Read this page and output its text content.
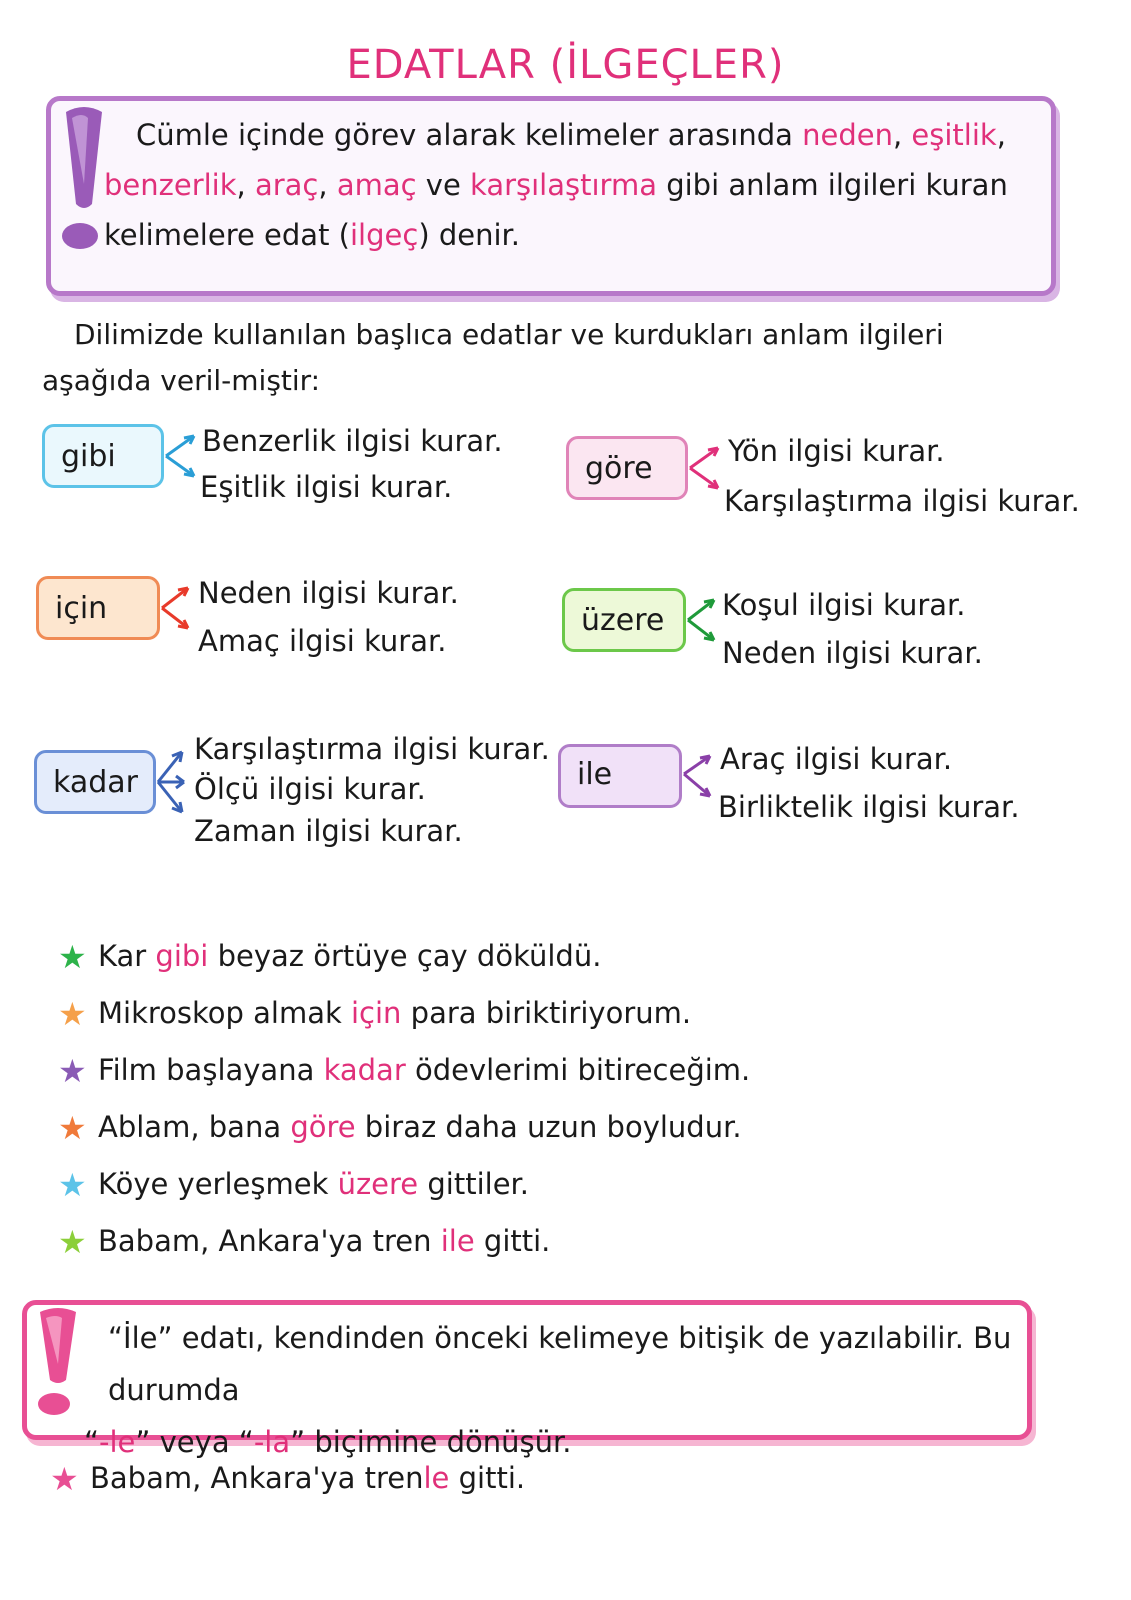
EDATLAR (İLGEÇLER)
Cümle içinde görev alarak kelimeler arasında neden, eşitlik, benzerlik, araç, amaç ve karşılaştırma gibi anlam ilgileri kuran kelimelere edat (ilgeç) denir.
Dilimizde kullanılan başlıca edatlar ve kurdukları anlam ilgileri aşağıda veril-miştir:
gibi	Benzerlik ilgisi kurar.
Eşitlik ilgisi kurar.
göre	Yön ilgisi kurar.
Karşılaştırma ilgisi kurar.
için	Neden ilgisi kurar.
Amaç ilgisi kurar.
üzere Koşul ilgisi kurar.
Neden ilgisi kurar.
kadar
Karşılaştırma ilgisi kurar.
Ölçü ilgisi kurar.
Zaman ilgisi kurar.
ile	Araç ilgisi kurar.
Birliktelik ilgisi kurar.
★ Kar gibi beyaz örtüye çay döküldü.
★ Mikroskop almak için para biriktiriyorum.
★ Film başlayana kadar ödevlerimi bitireceğim.
★ Ablam, bana göre biraz daha uzun boyludur.
★ Köye yerleşmek üzere gittiler.
★ Babam, Ankara'ya tren ile gitti.
“İle” edatı, kendinden önceki kelimeye bitişik de yazılabilir. Bu durumda
“-le” veya “-la” biçimine dönüşür.
★ Babam, Ankara'ya trenle gitti.
